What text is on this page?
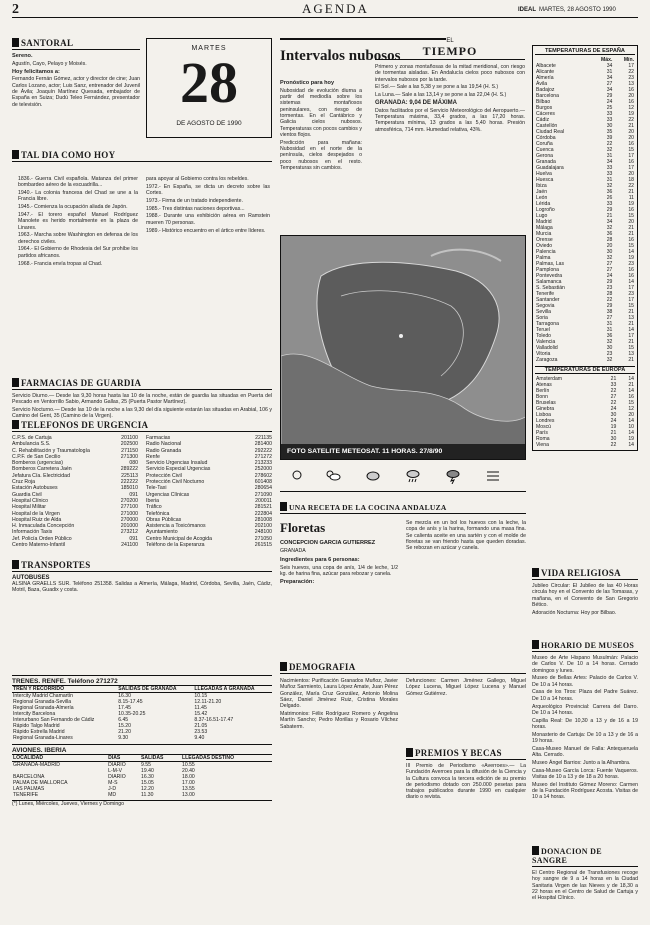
2	AGENDA	IDEAL MARTES, 28 AGOSTO 1990
SANTORAL

Sereno.

Agustín, Cayo, Pelayo y Moisés.

Hoy felicitamos a:

Fernando Fernán Gómez, actor y director de cine; Juan Carlos Lozano, actor; Luis Sanz, entrenador del Juvenil de Ávila; Joaquín Martínez Quesada, embajador de España en Suiza; Dudú Teleo Fernández, presentador de televisión.

MARTES
28
DE AGOSTO DE 1990
TAL DIA COMO HOY

1836.- Guerra Civil española. Matanza del primer bombardeo aéreo de la escuadrilla...

1940.- La colonia francesa del Chad se une a la Francia libre.

1945.- Comienza la ocupación aliada de Japón.

1947.- El torero español Manuel Rodríguez Manolete es herido mortalmente en la plaza de Linares.

1963.- Marcha sobre Washington en defensa de los derechos civiles.

1964.- El Gobierno de Rhodesia del Sur prohíbe los partidos africanos.

1968.- Francia envía tropas al Chad.

para apoyar al Gobierno contra los rebeldes.

1972.- En España, se dicta un decreto sobre las Cortes.

1973.- Firma de un tratado independiente.

1985.- Tres distintas naciones deportivas...

1988.- Durante una exhibición aérea en Ramstein mueren 70 personas.

1989.- Histórico encuentro en el ártico entre líderes.

FARMACIAS DE GUARDIA

Servicio Diurno.— Desde las 9,30 horas hasta las 10 de la noche, están de guardia las situadas en Puerta del Pescado en Ventorrillo Sabio, Armando Gallas, 25 (Puerta Pastor Martínez).

Servicio Nocturno.— Desde las 10 de la noche a las 9,30 del día siguiente estarán las situadas en Arabial, 106 y Camino del Gent, 35 (Camino de la Virgen).

TELEFONOS DE URGENCIA
C.P.S. de Cartuja	201100
Ambulancia S.S.	202500
C. Rehabilitación y Traumatología	271150
C.P.F. de San Cecilio	271300
Bomberos (urgencias)	080
Bomberos Carretera Jaén	289222
Jefatura Cía. Electricidad	225113
Cruz Roja	222222
Estación Autobuses	185010
Guardia Civil	091
Hospital Clínico	270200
Hospital Militar	277100
Hospital de la Virgen	271000
Hospital Ruiz de Alda	270000
H. Inmaculada Concepción	201000
Información Taxis	273212
Jef. Policía Orden Público	091
Centro Materno-Infantil	241100
Farmacias	221135
Radio Nacional	281400
Radio Granada	292222
Renfe	271272
Servicio Urgencias Insalud	213233
Servicio Especial Urgencias	252000
Protección Civil	278602
Protección Civil Nocturno	601408
Tele-Taxi	280654
Urgencias Clínicas	271090
Iberia	200011
Tráfico	281521
Telefónica	222804
Obras Públicas	281008
Asistencia a Toxicómanos	202100
Ayuntamiento	248100
Centro Municipal de Acogida	271050
Teléfono de la Esperanza	261515
TRANSPORTES
AUTOBUSES
ALSINA GRAELLS SUR. Teléfono 251358. Salidas a Almería, Málaga, Madrid, Córdoba, Sevilla, Jaén, Cádiz, Motril, Baza, Guadix y costa.
TRENES. RENFE. Teléfono 271272
TREN Y RECORRIDO	SALIDAS DE GRANADA	LLEGADAS A GRANADA
Intercity Madrid Chamartín	16.30	10.15
Regional Granada-Sevilla	8.15-17.45	12.11-21.20
Regional Granada-Almería	17.45	11.45
Intercity Barcelona	10.35-20.25	15.42
Interurbano San Fernando de Cádiz	6.45	8.37-16.51-17.47
Rápido Talgo Madrid	15.20	21.05
Rápido Estrella Madrid	21.20	23.53
Regional Granada-Linares	9.30	9.40
AVIONES. IBERIA
LOCALIDAD	DIAS	SALIDAS	LLEGADAS DESTINO
GRANADA-MADRID	DIARIO	9.55	10.55
	L-M-V	19.40	20.40
BARCELONA	DIARIO	16.30	18.00
PALMA DE MALLORCA	M-S	15.05	17.00
LAS PALMAS	J-D	12.20	13.55
TENERIFE	MD	11.30	13.00
(*) Lunes, Miércoles, Jueves, Viernes y Domingo
Intervalos nubosos

Pronóstico para hoy

Nubosidad de evolución diurna a partir del mediodía sobre los sistemas montañosos peninsulares, con riesgo de tormentas. En el Cantábrico y Galicia cielos nubosos. Temperaturas con pocos cambios y vientos flojos.

Predicción para mañana: Nubosidad en el norte de la península, cielos despejados o poco nubosos en el resto. Temperaturas sin cambios.

EL
TIEMPO

Primero y zonas montañosas de la mitad meridional, con riesgo de tormentas aisladas. En Andalucía cielos poco nubosos con intervalos nubosos por la tarde.

El Sol.— Sale a las 5,38 y se pone a las 19,54 (H. S.)

La Luna.— Sale a las 13,14 y se pone a las 22,04 (H. S.)

GRANADA: 9,04 DE MÁXIMA

Datos facilitados por el Servicio Meteorológico del Aeropuerto.— Temperatura máxima, 33,4 grados, a las 17,20 horas. Temperatura mínima, 13 grados a las 5,40 horas. Presión atmosférica, 714 mm. Humedad relativa, 43%.

FOTO SATELITE METEOSAT. 11 HORAS. 27/8/90
TEMPERATURAS DE ESPAÑA
	Máx.	Mín.
Albacete	34	17
Alicante	31	22
Almería	34	23
Ávila	27	13
Badajoz	34	16
Barcelona	29	20
Bilbao	24	16
Burgos	25	12
Cáceres	33	19
Cádiz	33	22
Castellón	30	21
Ciudad Real	35	20
Córdoba	39	20
Coruña	22	16
Cuenca	32	15
Gerona	31	17
Granada	34	16
Guadalajara	33	17
Huelva	33	20
Huesca	31	18
Ibiza	32	22
Jaén	36	21
León	26	11
Lérida	33	19
Logroño	29	16
Lugo	21	15
Madrid	34	20
Málaga	32	21
Murcia	36	21
Orense	28	16
Oviedo	20	15
Palencia	30	14
Palma	32	19
Palmas, Las	27	23
Pamplona	27	16
Pontevedra	24	16
Salamanca	29	14
S. Sebastián	23	17
Tenerife	28	23
Santander	22	17
Segovia	29	15
Sevilla	38	21
Soria	27	13
Tarragona	31	21
Teruel	31	14
Toledo	36	17
Valencia	32	21
Valladolid	30	15
Vitoria	23	13
Zaragoza	32	21
TEMPERATURAS DE EUROPA
Amsterdam	21	14
Atenas	33	21
Berlín	22	14
Bonn	27	16
Bruselas	22	15
Ginebra	24	12
Lisboa	30	20
Londres	24	14
Moscú	19	10
París	21	14
Roma	30	19
Viena	22	14
UNA RECETA DE LA COCINA ANDALUZA
Floretas
CONCEPCION GARCIA GUTIERREZ
GRANADA

Ingredientes para 6 personas:

Seis huevos, una copa de anís, 1/4 de leche, 1/2 kg. de harina fina, azúcar para rebozar y canela.

Preparación:

Se mezcla en un bol los huevos con la leche, la copa de anís y la harina, formando una masa fina. Se calienta aceite en una sartén y con el molde de floretas se van friendo hasta que queden doradas. Se rebozan en azúcar y canela.
DEMOGRAFIA

Nacimientos: Purificación Granados Muñoz, Javier Muñoz Sarmiento, Laura López Amate, Juan Pérez González, María Cruz González, Antonio Molina Sáez, Daniel Jiménez Ruiz, Cristina Morales Delgado.

Matrimonios: Félix Rodríguez Romero y Angelina Martín Sancho; Pedro Morillas y Rosario Vílchez Sabaterm.

Defunciones: Carmen Jiménez Gallego, Miguel López Lucena, Miguel López Lucena y Manuel Gómez Gutiérrez.

PREMIOS Y BECAS
III Premio de Periodismo «Averroes».— La Fundación Averroes para la difusión de la Ciencia y la Cultura convoca la tercera edición de su premio de periodismo dotado con 250.000 pesetas para trabajos publicados durante 1990 en cualquier diario o revista.
VIDA RELIGIOSA

Jubileo Circular: El Jubileo de las 40 Horas circula hoy en el Convento de las Tomasas, y mañana, en el Convento de San Gregorio Bético.

Adoración Nocturna: Hoy por Bilbao.

HORARIO DE MUSEOS

Museo de Arte Hispano Musulmán: Palacio de Carlos V. De 10 a 14 horas. Cerrado domingos y lunes.

Museo de Bellas Artes: Palacio de Carlos V. De 10 a 14 horas.

Casa de los Tiros: Plaza del Padre Suárez. De 10 a 14 horas.

Arqueológico Provincial: Carrera del Darro. De 10 a 14 horas.

Capilla Real: De 10,30 a 13 y de 16 a 19 horas.

Monasterio de Cartuja: De 10 a 13 y de 16 a 19 horas.

Casa-Museo Manuel de Falla: Antequeruela Alta. Cerrado.

Museo Ángel Barrios: Junto a la Alhambra.

Casa-Museo García Lorca: Fuente Vaqueros. Visitas de 10 a 13 y de 18 a 20 horas.

Museo del Instituto Gómez Moreno: Carmen de la Fundación Rodríguez Acosta. Visitas de 10 a 14 horas.

DONACION DE SANGRE
El Centro Regional de Transfusiones recoge hoy sangre de 9 a 14 horas en la Ciudad Sanitaria Virgen de las Nieves y de 18,30 a 22 horas en el Centro de Salud de Cartuja y el Hospital Clínico.
